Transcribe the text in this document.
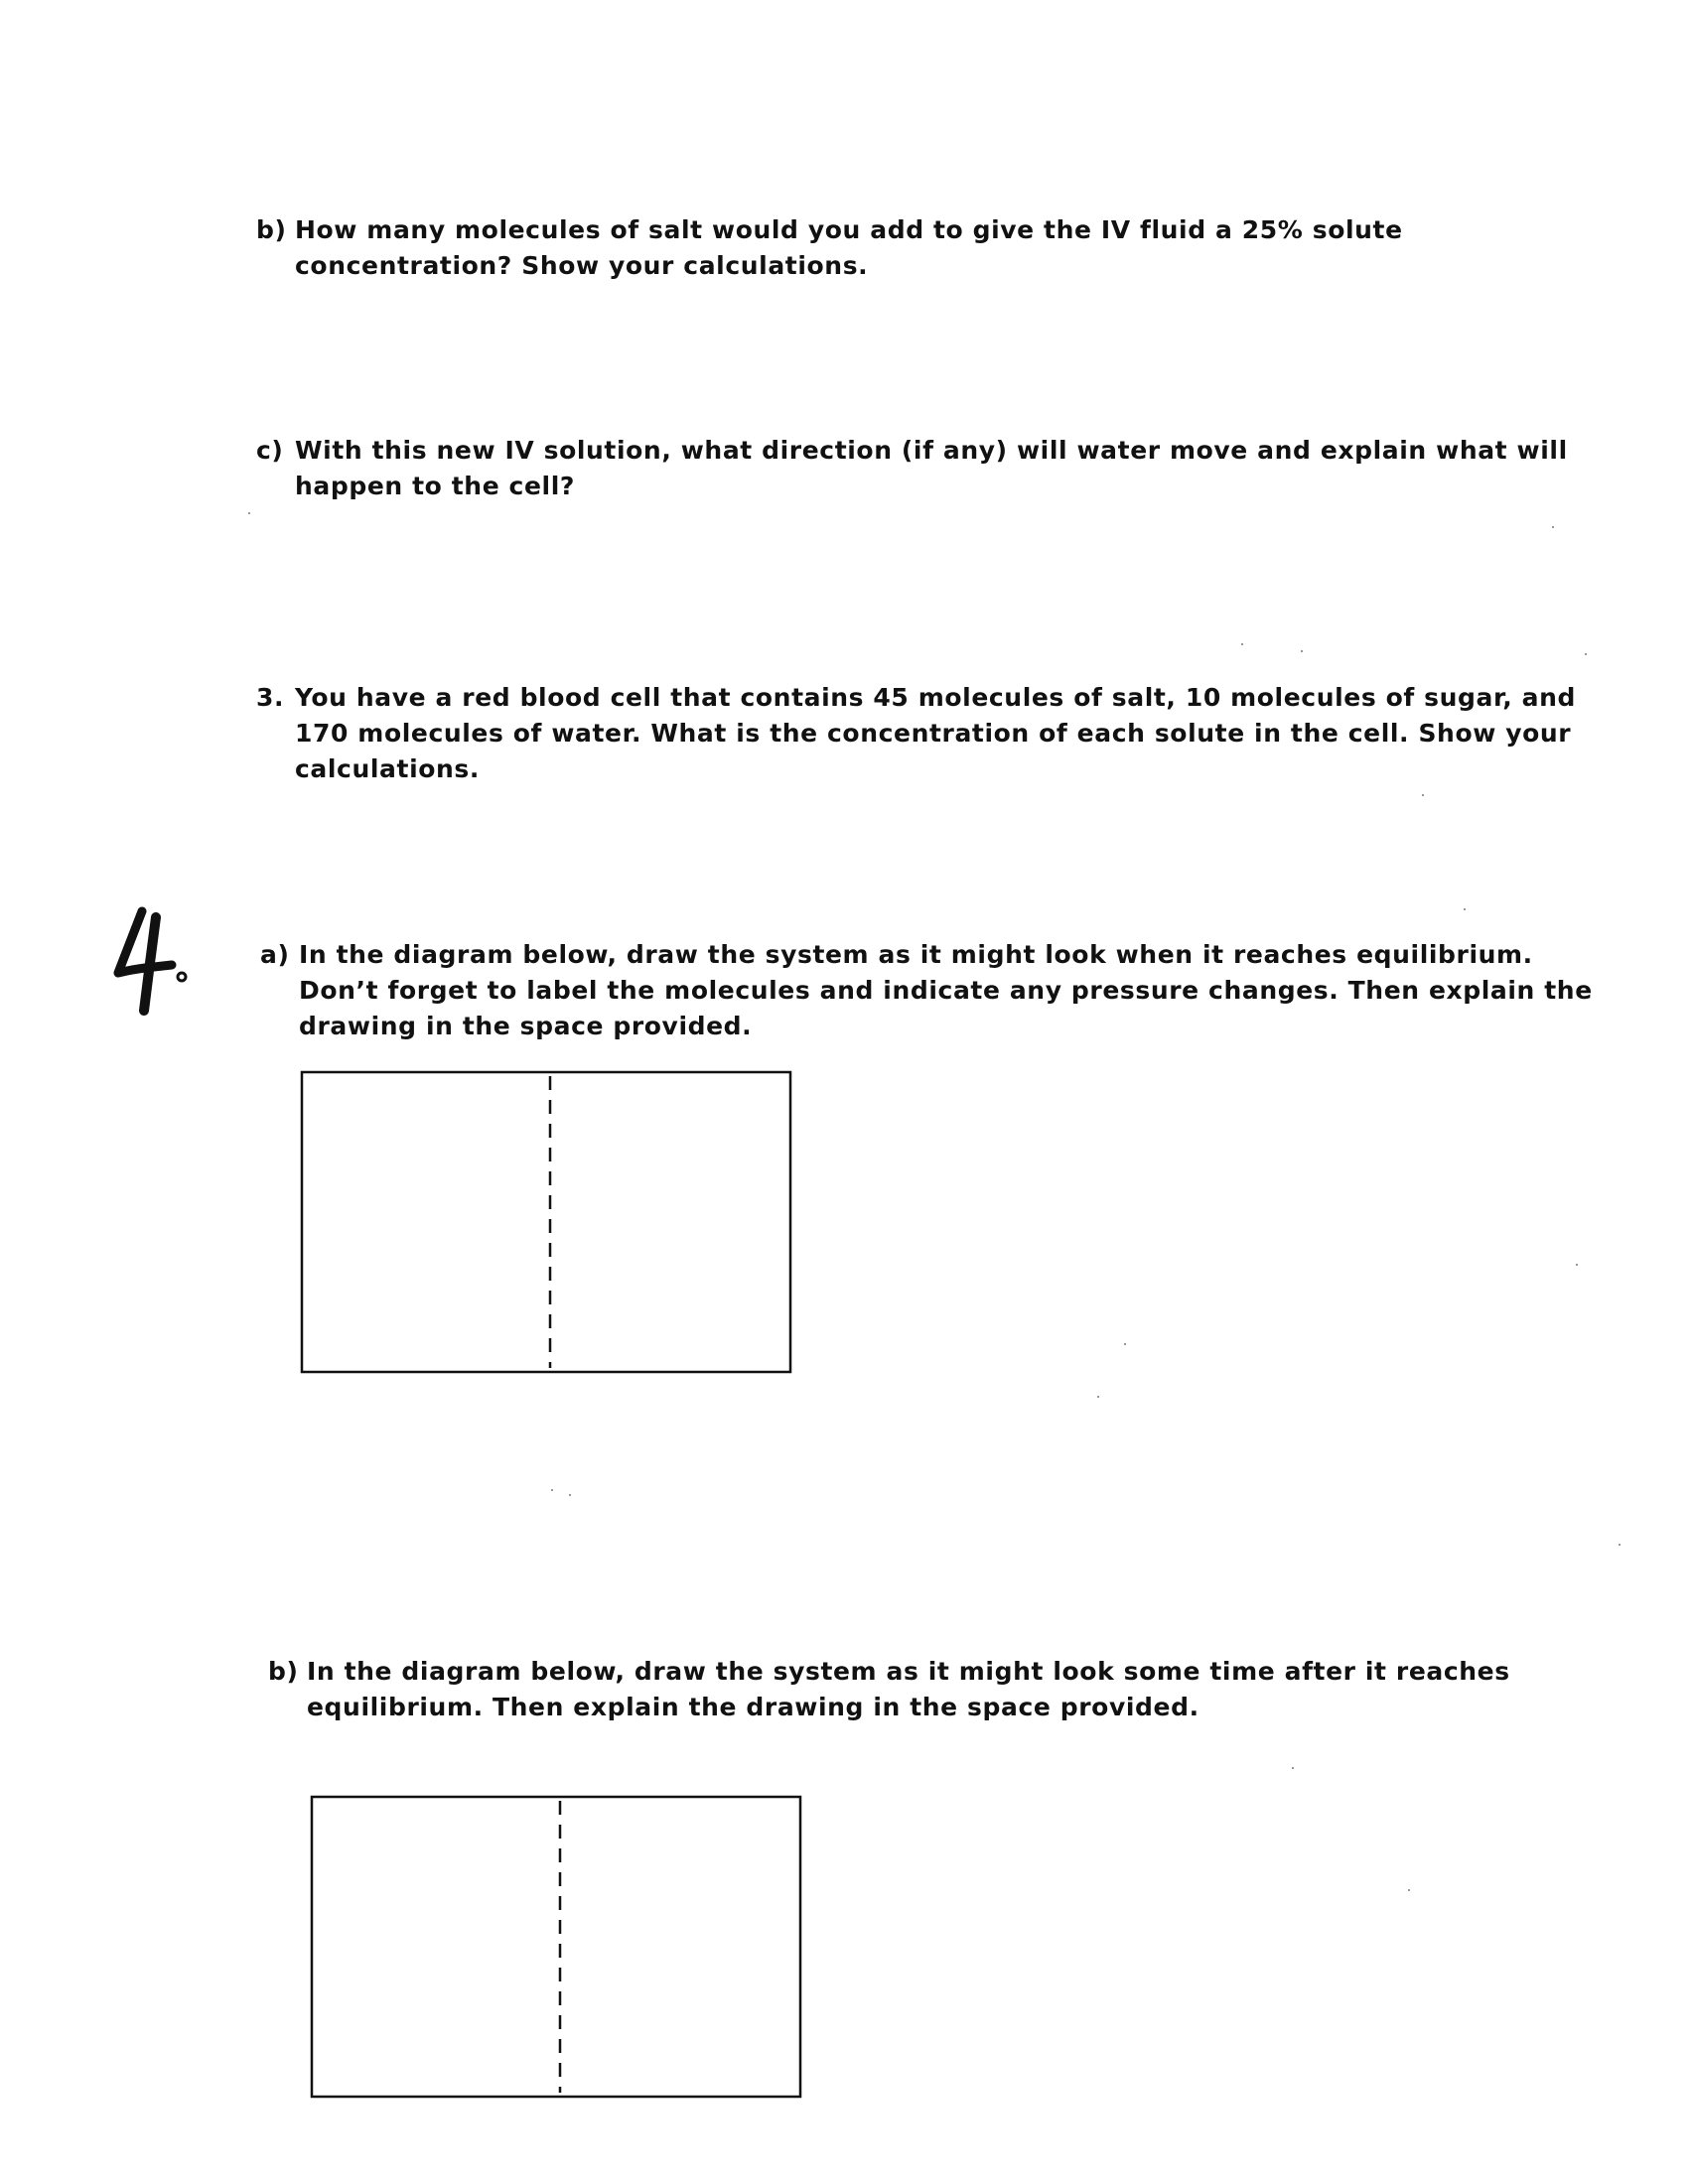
b) How many molecules of salt would you add to give the IV fluid a 25% solute
concentration? Show your calculations.
c) With this new IV solution, what direction (if any) will water move and explain what will
happen to the cell?
3. You have a red blood cell that contains 45 molecules of salt, 10 molecules of sugar, and
170 molecules of water. What is the concentration of each solute in the cell. Show your
calculations.
a) In the diagram below, draw the system as it might look when it reaches equilibrium.
Don’t forget to label the molecules and indicate any pressure changes. Then explain the
drawing in the space provided.
b) In the diagram below, draw the system as it might look some time after it reaches
equilibrium. Then explain the drawing in the space provided.
